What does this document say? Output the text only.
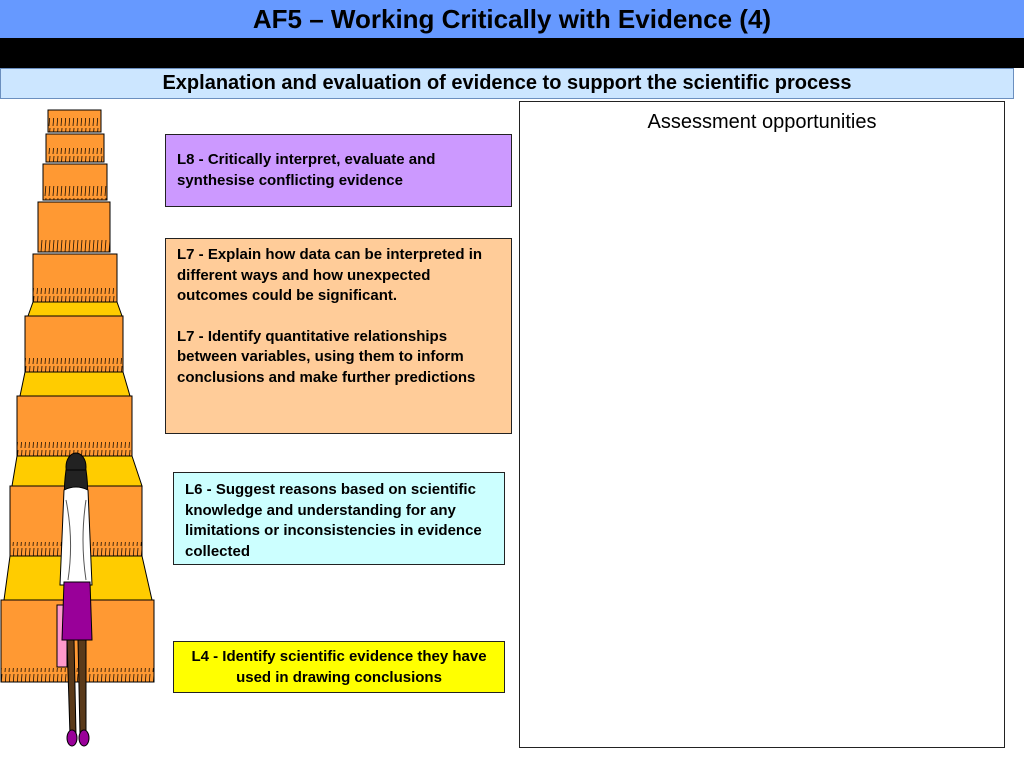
AF5 – Working Critically with Evidence (4)
Explanation and evaluation of evidence to support the scientific process
L8 - Critically interpret, evaluate and synthesise conflicting evidence
L7 - Explain how data can be interpreted in different ways and how unexpected outcomes could be significant.
L7 - Identify quantitative relationships between variables, using them to inform conclusions and make further predictions
L6 - Suggest reasons based on scientific knowledge and understanding for any limitations or inconsistencies in evidence collected
L4 - Identify scientific evidence they have used in drawing conclusions
Assessment opportunities
